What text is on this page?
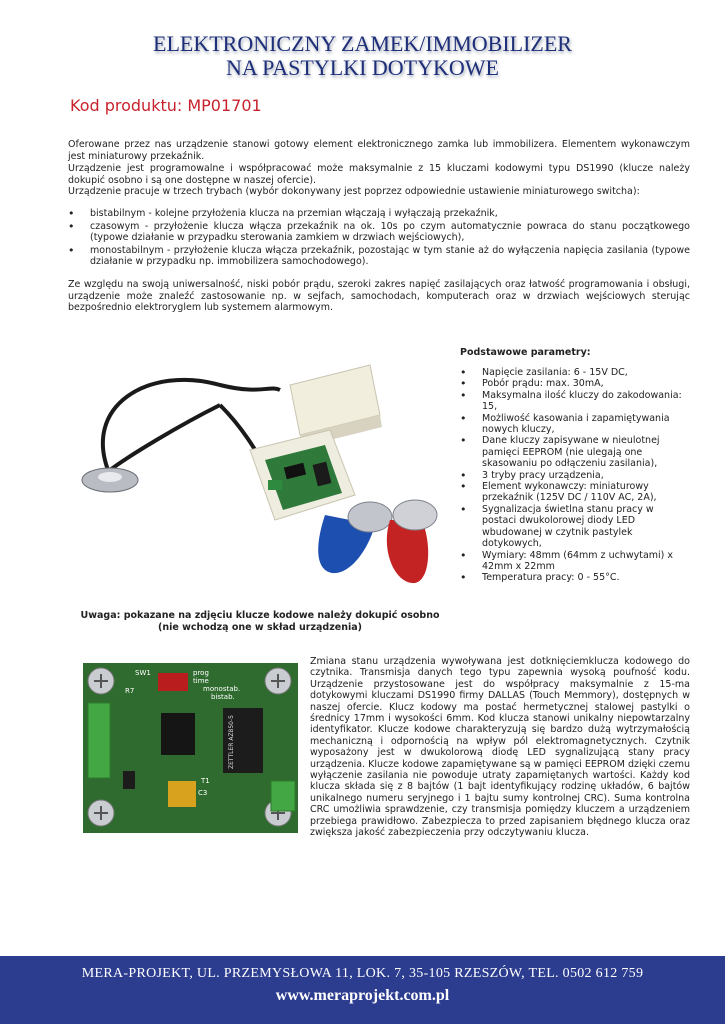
ELEKTRONICZNY ZAMEK/IMMOBILIZER
NA PASTYLKI DOTYKOWE
Kod produktu: MP01701

Oferowane przez nas urządzenie stanowi gotowy element elektronicznego zamka lub immobilizera. Elementem wykonawczym jest miniaturowy przekaźnik.

Urządzenie jest programowalne i współpracować może maksymalnie z 15 kluczami kodowymi typu DS1990 (klucze należy dokupić osobno i są one dostępne w naszej ofercie).

Urządzenie pracuje w trzech trybach (wybór dokonywany jest poprzez odpowiednie ustawienie miniaturowego switcha):

• bistabilnym - kolejne przyłożenia klucza na przemian włączają i wyłączają przekaźnik,
• czasowym - przyłożenie klucza włącza przekaźnik na ok. 10s po czym automatycznie powraca do stanu początkowego (typowe działanie w przypadku sterowania zamkiem w drzwiach wejściowych),
• monostabilnym - przyłożenie klucza włącza przekaźnik, pozostając w tym stanie aż do wyłączenia napięcia zasilania (typowe działanie w przypadku np. immobilizera samochodowego).

Ze względu na swoją uniwersalność, niski pobór prądu, szeroki zakres napięć zasilających oraz łatwość programowania i obsługi, urządzenie może znaleźć zastosowanie np. w sejfach, samochodach, komputerach oraz w drzwiach wejściowych sterując bezpośrednio elektroryglem lub systemem alarmowym.

Podstawowe parametry:
• Napięcie zasilania: 6 - 15V DC,
• Pobór prądu: max. 30mA,
• Maksymalna ilość kluczy do zakodowania: 15,
• Możliwość kasowania i zapamiętywania nowych kluczy,
• Dane kluczy zapisywane w nieulotnej pamięci EEPROM (nie ulegają one skasowaniu po odłączeniu zasilania),
• 3 tryby pracy urządzenia,
• Element wykonawczy: miniaturowy przekaźnik (125V DC / 110V AC, 2A),
• Sygnalizacja świetlna stanu pracy w postaci dwukolorowej diody LED wbudowanej w czytnik pastylek dotykowych,
• Wymiary: 48mm (64mm z uchwytami) x 42mm x 22mm
• Temperatura pracy: 0 - 55°C.
Uwaga: pokazane na zdjęciu klucze kodowe należy dokupić osobno (nie wchodzą one w skład urządzenia)
SW1	prog
time
monostab.
bistab.
R7
ZETTLER AZ850-5
T1
C3

Zmiana stanu urządzenia wywoływana jest dotknięciemklucza kodowego do czytnika. Transmisja danych tego typu zapewnia wysoką poufność kodu. Urządzenie przystosowane jest do współpracy maksymalnie z 15-ma dotykowymi kluczami DS1990 firmy DALLAS (Touch Memmory), dostępnych w naszej ofercie. Klucz kodowy ma postać hermetycznej stalowej pastylki o średnicy 17mm i wysokości 6mm. Kod klucza stanowi unikalny niepowtarzalny identyfikator. Klucze kodowe charakteryzują się bardzo dużą wytrzymałością mechaniczną i odpornością na wpływ pól elektromagnetycznych. Czytnik wyposażony jest w dwukolorową diodę LED sygnalizującą stany pracy urządzenia. Klucze kodowe zapamiętywane są w pamięci EEPROM dzięki czemu wyłączenie zasilania nie powoduje utraty zapamiętanych wartości. Każdy kod klucza składa się z 8 bajtów (1 bajt identyfikujący rodzinę układów, 6 bajtów unikalnego numeru seryjnego i 1 bajtu sumy kontrolnej CRC). Suma kontrolna CRC umożliwia sprawdzenie, czy transmisja pomiędzy kluczem a urządzeniem przebiega prawidłowo. Zabezpiecza to przed zapisaniem błędnego klucza oraz zwiększa jakość zabezpieczenia przy odczytywaniu klucza.

MERA-PROJEKT, UL. PRZEMYSŁOWA 11, LOK. 7, 35-105 RZESZÓW, TEL. 0502 612 759
www.meraprojekt.com.pl
